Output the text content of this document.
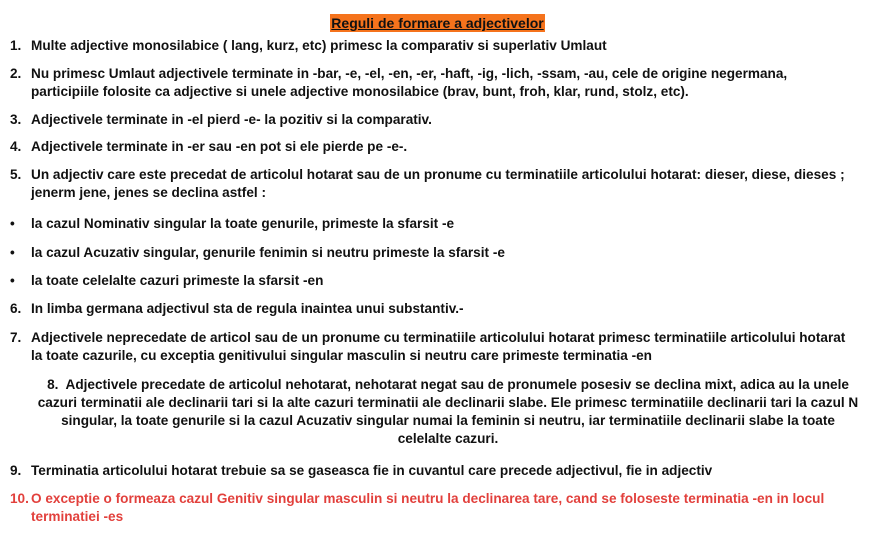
Reguli de formare a adjectivelor
1. Multe adjective monosilabice ( lang, kurz, etc) primesc la comparativ si superlativ Umlaut
2. Nu primesc Umlaut adjectivele terminate in -bar, -e, -el, -en, -er, -haft, -ig, -lich, -ssam, -au, cele de origine negermana,
participiile folosite ca adjective si unele adjective monosilabice (brav, bunt, froh, klar, rund, stolz, etc).
3. Adjectivele terminate in -el pierd -e- la pozitiv si la comparativ.
4. Adjectivele terminate in -er sau -en pot si ele pierde pe -e-.
5. Un adjectiv care este precedat de articolul hotarat sau de un pronume cu terminatiile articolului hotarat: dieser, diese, dieses ;
jenerm jene, jenes se declina astfel :
• la cazul Nominativ singular la toate genurile, primeste la sfarsit -e
• la cazul Acuzativ singular, genurile fenimin si neutru primeste la sfarsit -e
• la toate celelalte cazuri primeste la sfarsit -en
6. In limba germana adjectivul sta de regula inaintea unui substantiv.-
7. Adjectivele neprecedate de articol sau de un pronume cu terminatiile articolului hotarat primesc terminatiile articolului hotarat
la toate cazurile, cu exceptia genitivului singular masculin si neutru care primeste terminatia -en
8. Adjectivele precedate de articolul nehotarat, nehotarat negat sau de pronumele posesiv se declina mixt, adica au la unele
cazuri terminatii ale declinarii tari si la alte cazuri terminatii ale declinarii slabe. Ele primesc terminatiile declinarii tari la cazul N
singular, la toate genurile si la cazul Acuzativ singular numai la feminin si neutru, iar terminatiile declinarii slabe la toate
celelalte cazuri.
9. Terminatia articolului hotarat trebuie sa se gaseasca fie in cuvantul care precede adjectivul, fie in adjectiv
10. O exceptie o formeaza cazul Genitiv singular masculin si neutru la declinarea tare, cand se foloseste terminatia -en in locul
terminatiei -es
